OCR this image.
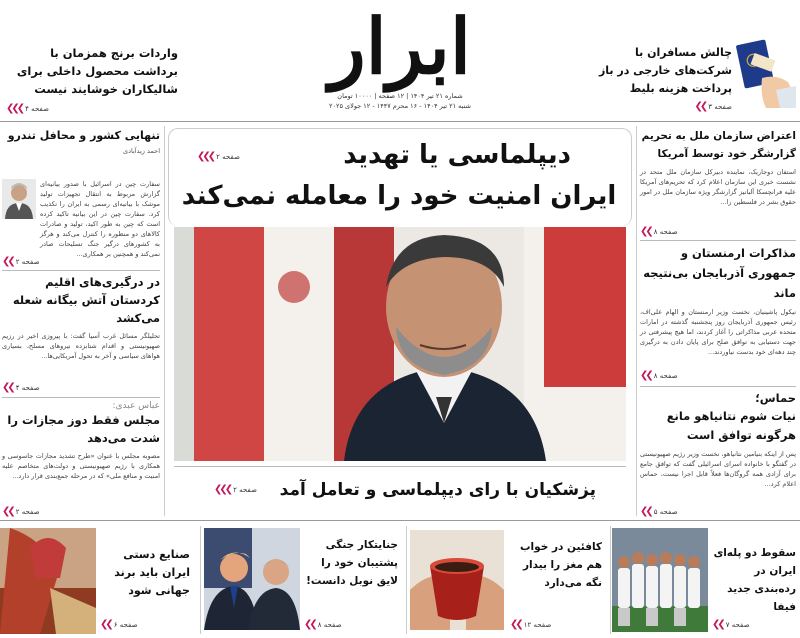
ابرار
شماره ۲۱ تیر ۱۴۰۴ | ۱۲ صفحه | ۱۰۰۰۰ تومان
شنبه ۲۱ تیر ۱۴۰۴ - ۱۶ محرم ۱۴۴۷ - ۱۲ جولای ۲۰۲۵
واردات برنج همزمان با برداشت محصول داخلی برای شالیکاران خوشایند نیست
❮❮❮ صفحه ۴
چالش مسافران با شرکت‌های خارجی در باز پرداخت هزینه بلیط
❮❮ صفحه ۳
تنهایی کشور و محافل تندرو
احمد زیدآبادی
سفارت چین در اسرائیل با صدور بیانیه‌ای گزارش مربوط به انتقال تجهیزات تولید موشک با بیانیه‌ای رسمی به ایران را تکذیب کرد. سفارت چین در این بیانیه تاکید کرده است که چین به‌ طور اکید، تولید و صادرات کالاهای دو منظوره را کنترل می‌کند و هرگز به کشورهای درگیر جنگ تسلیحات صادر نمی‌کند و همچنین بر همکاری...
❮❮ صفحه ۲
در درگیری‌های اقلیم کردستان آتش بیگانه شعله می‌کشد
تحلیلگر مسائل غرب آسیا گفت: با پیروزی اخیر در رزیم صهیونیستی و اقدام شتابزده نیروهای مسلح، بسیاری هواهای سیاسی و آخر به تحول آمریکایی‌ها...
❮❮ صفحه ۴
عباس عبدی:
مجلس فقط دوز مجازات را شدت می‌دهد
مصوبه مجلس با عنوان «طرح تشدید مجازات جاسوسی و همکاری با رژیم صهیونیستی و دولت‌های متخاصم علیه امنیت و منافع ملی» که در مرحله جمع‌بندی قرار دارد...
❮❮ صفحه ۲
اعتراض سازمان ملل به تحریم گزارشگر خود توسط آمریکا
استفان دوجاریک، نماینده دبیرکل سازمان ملل متحد در نشست خبری این سازمان اعلام کرد که تحریم‌های آمریکا علیه فرانچسکا آلبانیز گزارشگر ویژه سازمان ملل در امور حقوق بشر در فلسطین را...
❮❮ صفحه ۸
مذاکرات ارمنستان و جمهوری آذربایجان بی‌نتیجه ماند
نیکول پاشینیان، نخست وزیر ارمنستان و الهام علی‌اف، رئیس جمهوری آذربایجان روز پنجشنبه گذشته در امارات متحده عربی مذاکراتی را آغاز کردند، اما هیچ پیشرفتی در جهت دستیابی به توافق صلح برای پایان دادن به درگیری چند دهه‌ای خود بدست نیاوردند...
❮❮ صفحه ۸
حماس؛
نیات شوم نتانیاهو مانع هرگونه توافق است
پس از اینکه بنیامین نتانیاهو، نخست وزیر رژیم صهیونیستی در گفتگو با خانواده اسرای اسرائیلی گفت که توافق جامع برای آزادی همه گروگان‌ها فعلاً قابل اجرا نیست، حماس اعلام کرد...
❮❮ صفحه ۵
دیپلماسی یا تهدید
ایران امنیت خود را معامله نمی‌کند
❮❮❮ صفحه ۲
پزشکیان با رای دیپلماسی و تعامل آمد
❮❮❮ صفحه ۲
صنایع دستی ایران باید برند جهانی شود
❮❮ صفحه ۶
جنایتکار جنگی پشتیبان خود را لایق نوبل دانست!
❮❮ صفحه ۸
کافئین در خواب هم مغز را بیدار نگه می‌دارد
❮❮ صفحه ۱۲
سقوط دو پله‌ای ایران در رده‌بندی جدید فیفا
❮❮ صفحه ۷
